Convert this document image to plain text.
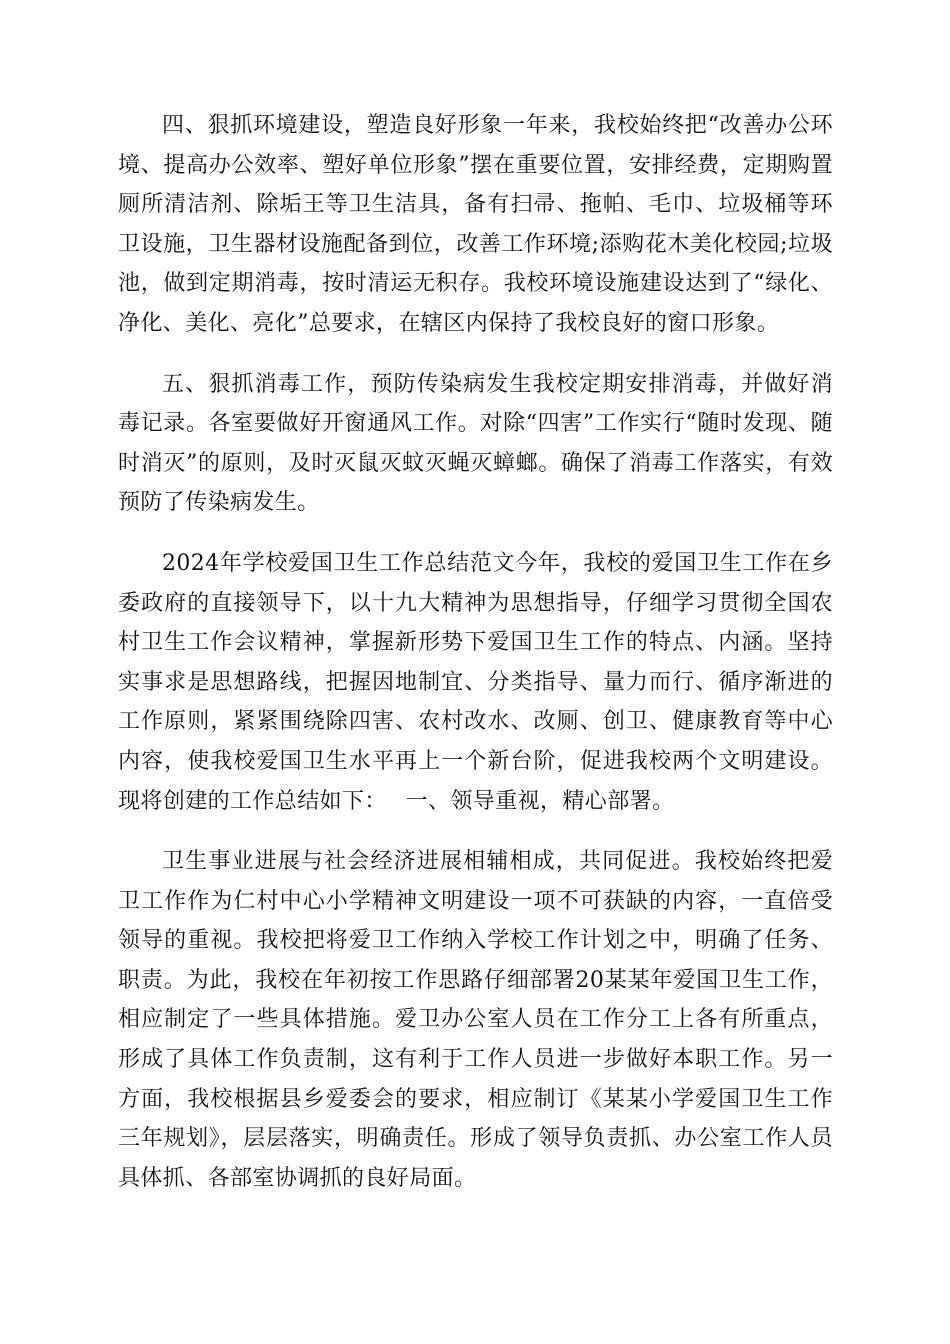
四、狠抓环境建设，塑造良好形象一年来，我校始终把“改善办公环境、提高办公效率、塑好单位形象”摆在重要位置，安排经费，定期购置厕所清洁剂、除垢王等卫生洁具，备有扫帚、拖帕、毛巾、垃圾桶等环卫设施，卫生器材设施配备到位，改善工作环境;添购花木美化校园;垃圾池，做到定期消毒，按时清运无积存。我校环境设施建设达到了“绿化、净化、美化、亮化”总要求，在辖区内保持了我校良好的窗口形象。

五、狠抓消毒工作，预防传染病发生我校定期安排消毒，并做好消毒记录。各室要做好开窗通风工作。对除“四害”工作实行“随时发现、随时消灭”的原则，及时灭鼠灭蚊灭蝇灭蟑螂。确保了消毒工作落实，有效预防了传染病发生。

2024年学校爱国卫生工作总结范文今年，我校的爱国卫生工作在乡委政府的直接领导下，以十九大精神为思想指导，仔细学习贯彻全国农村卫生工作会议精神，掌握新形势下爱国卫生工作的特点、内涵。坚持实事求是思想路线，把握因地制宜、分类指导、量力而行、循序渐进的工作原则，紧紧围绕除四害、农村改水、改厕、创卫、健康教育等中心内容，使我校爱国卫生水平再上一个新台阶，促进我校两个文明建设。现将创建的工作总结如下：　 一、领导重视，精心部署。

卫生事业进展与社会经济进展相辅相成，共同促进。我校始终把爱卫工作作为仁村中心小学精神文明建设一项不可获缺的内容，一直倍受领导的重视。我校把将爱卫工作纳入学校工作计划之中，明确了任务、职责。为此，我校在年初按工作思路仔细部署20某某年爱国卫生工作，相应制定了一些具体措施。爱卫办公室人员在工作分工上各有所重点，形成了具体工作负责制，这有利于工作人员进一步做好本职工作。另一方面，我校根据县乡爱委会的要求，相应制订《某某小学爱国卫生工作三年规划》，层层落实，明确责任。形成了领导负责抓、办公室工作人员具体抓、各部室协调抓的良好局面。
